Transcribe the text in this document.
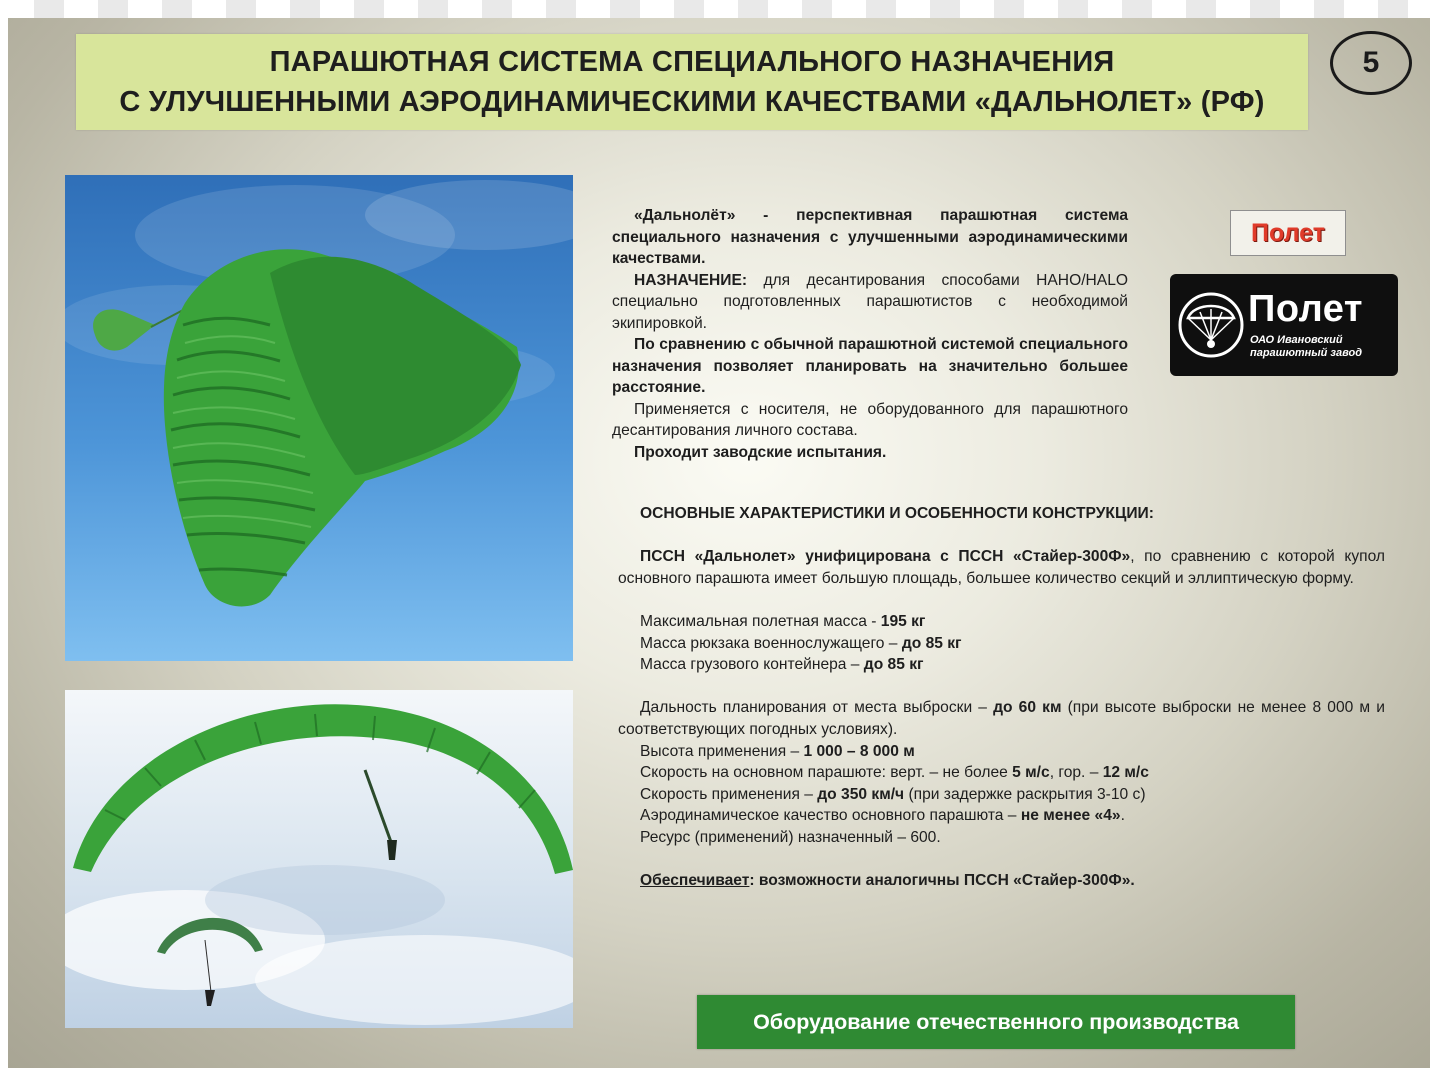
ПАРАШЮТНАЯ СИСТЕМА СПЕЦИАЛЬНОГО НАЗНАЧЕНИЯ
С УЛУЧШЕННЫМИ АЭРОДИНАМИЧЕСКИМИ КАЧЕСТВАМИ «ДАЛЬНОЛЕТ» (РФ)
5

«Дальнолёт» - перспективная парашютная система специального назначения с улучшенными аэродинамическими качествами.

НАЗНАЧЕНИЕ: для десантирования способами НАНО/HALO специально подготовленных парашютистов с необходимой экипировкой.

По сравнению с обычной парашютной системой специального назначения позволяет планировать на значительно большее расстояние.

Применяется с носителя, не оборудованного для парашютного десантирования личного состава.

Проходит заводские испытания.

Полет
Полет
ОАО Ивановский
парашютный завод

ОСНОВНЫЕ ХАРАКТЕРИСТИКИ И ОСОБЕННОСТИ КОНСТРУКЦИИ:

ПССН «Дальнолет» унифицирована с ПССН «Стайер-300Ф», по сравнению с которой купол основного парашюта имеет большую площадь, большее количество секций и эллиптическую форму.

Максимальная полетная масса - 195 кг

Масса рюкзака военнослужащего – до 85 кг

Масса грузового контейнера – до 85 кг

Дальность планирования от места выброски – до 60 км (при высоте выброски не менее 8 000 м и соответствующих погодных условиях).

Высота применения – 1 000 – 8 000 м

Скорость на основном парашюте: верт. – не более 5 м/с, гор. – 12 м/с

Скорость применения – до 350 км/ч (при задержке раскрытия 3-10 с)

Аэродинамическое качество основного парашюта – не менее «4».

Ресурс (применений) назначенный – 600.

Обеспечивает: возможности аналогичны ПССН «Стайер-300Ф».

Оборудование отечественного производства
